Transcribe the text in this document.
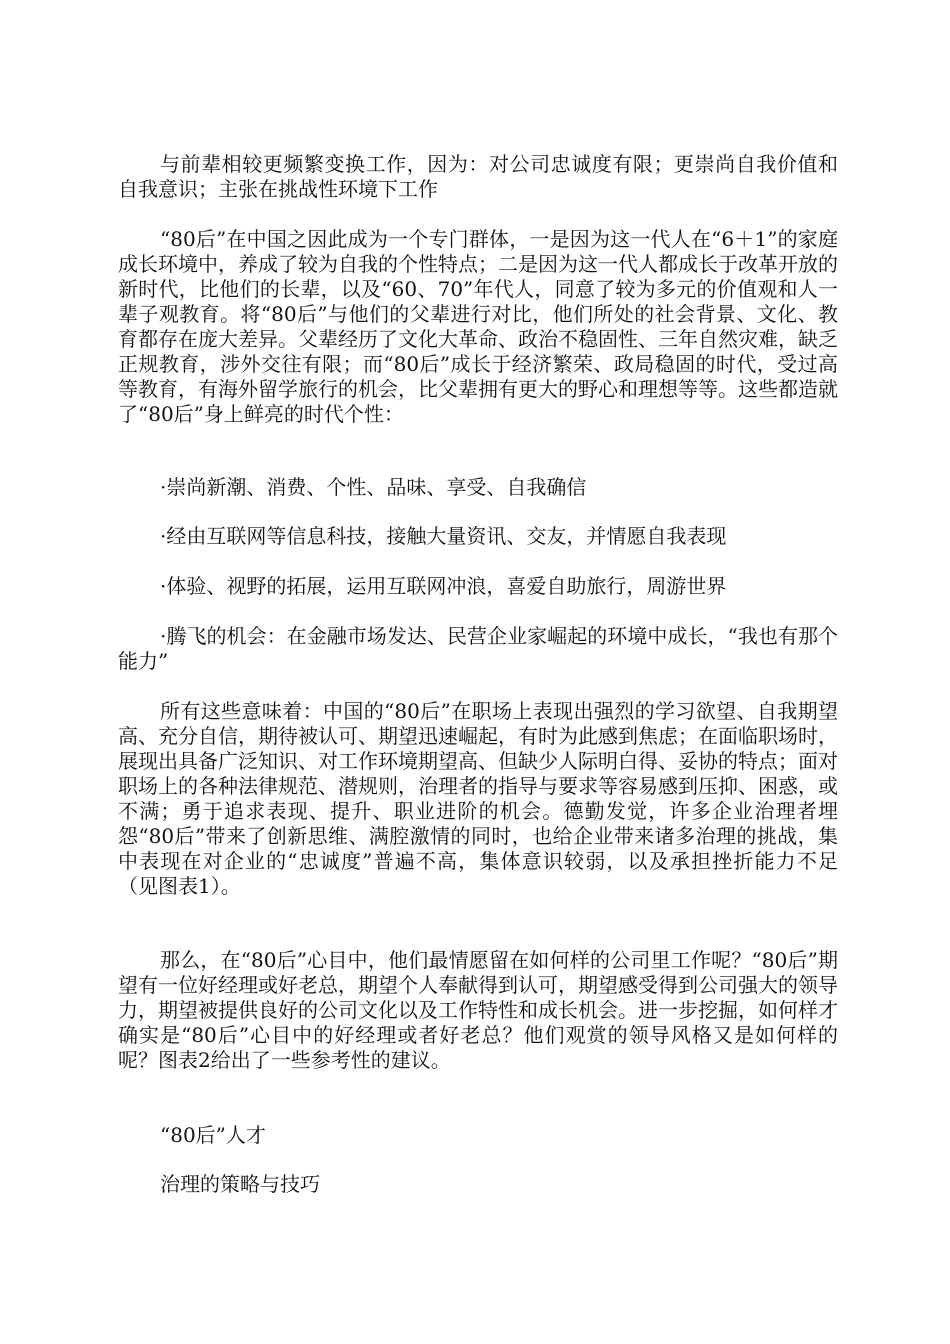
与前辈相较更频繁变换工作，因为：对公司忠诚度有限；更崇尚自我价值和自我意识；主张在挑战性环境下工作

“80后”在中国之因此成为一个专门群体，一是因为这一代人在“6＋1”的家庭成长环境中，养成了较为自我的个性特点；二是因为这一代人都成长于改革开放的新时代，比他们的长辈，以及“60、70”年代人，同意了较为多元的价值观和人一辈子观教育。将“80后”与他们的父辈进行对比，他们所处的社会背景、文化、教育都存在庞大差异。父辈经历了文化大革命、政治不稳固性、三年自然灾难，缺乏正规教育，涉外交往有限；而“80后”成长于经济繁荣、政局稳固的时代，受过高等教育，有海外留学旅行的机会，比父辈拥有更大的野心和理想等等。这些都造就了“80后”身上鲜亮的时代个性：

·崇尚新潮、消费、个性、品味、享受、自我确信

·经由互联网等信息科技，接触大量资讯、交友，并情愿自我表现

·体验、视野的拓展，运用互联网冲浪，喜爱自助旅行，周游世界

·腾飞的机会：在金融市场发达、民营企业家崛起的环境中成长，“我也有那个能力”

所有这些意味着：中国的“80后”在职场上表现出强烈的学习欲望、自我期望高、充分自信，期待被认可、期望迅速崛起，有时为此感到焦虑；在面临职场时，展现出具备广泛知识、对工作环境期望高、但缺少人际明白得、妥协的特点；面对职场上的各种法律规范、潜规则，治理者的指导与要求等容易感到压抑、困惑，或不满；勇于追求表现、提升、职业进阶的机会。德勤发觉，许多企业治理者埋怨“80后”带来了创新思维、满腔激情的同时，也给企业带来诸多治理的挑战，集中表现在对企业的“忠诚度”普遍不高，集体意识较弱，以及承担挫折能力不足（见图表1）。

那么，在“80后”心目中，他们最情愿留在如何样的公司里工作呢？“80后”期望有一位好经理或好老总，期望个人奉献得到认可，期望感受得到公司强大的领导力，期望被提供良好的公司文化以及工作特性和成长机会。进一步挖掘，如何样才确实是“80后”心目中的好经理或者好老总？他们观赏的领导风格又是如何样的呢？图表2给出了一些参考性的建议。

“80后”人才

治理的策略与技巧
